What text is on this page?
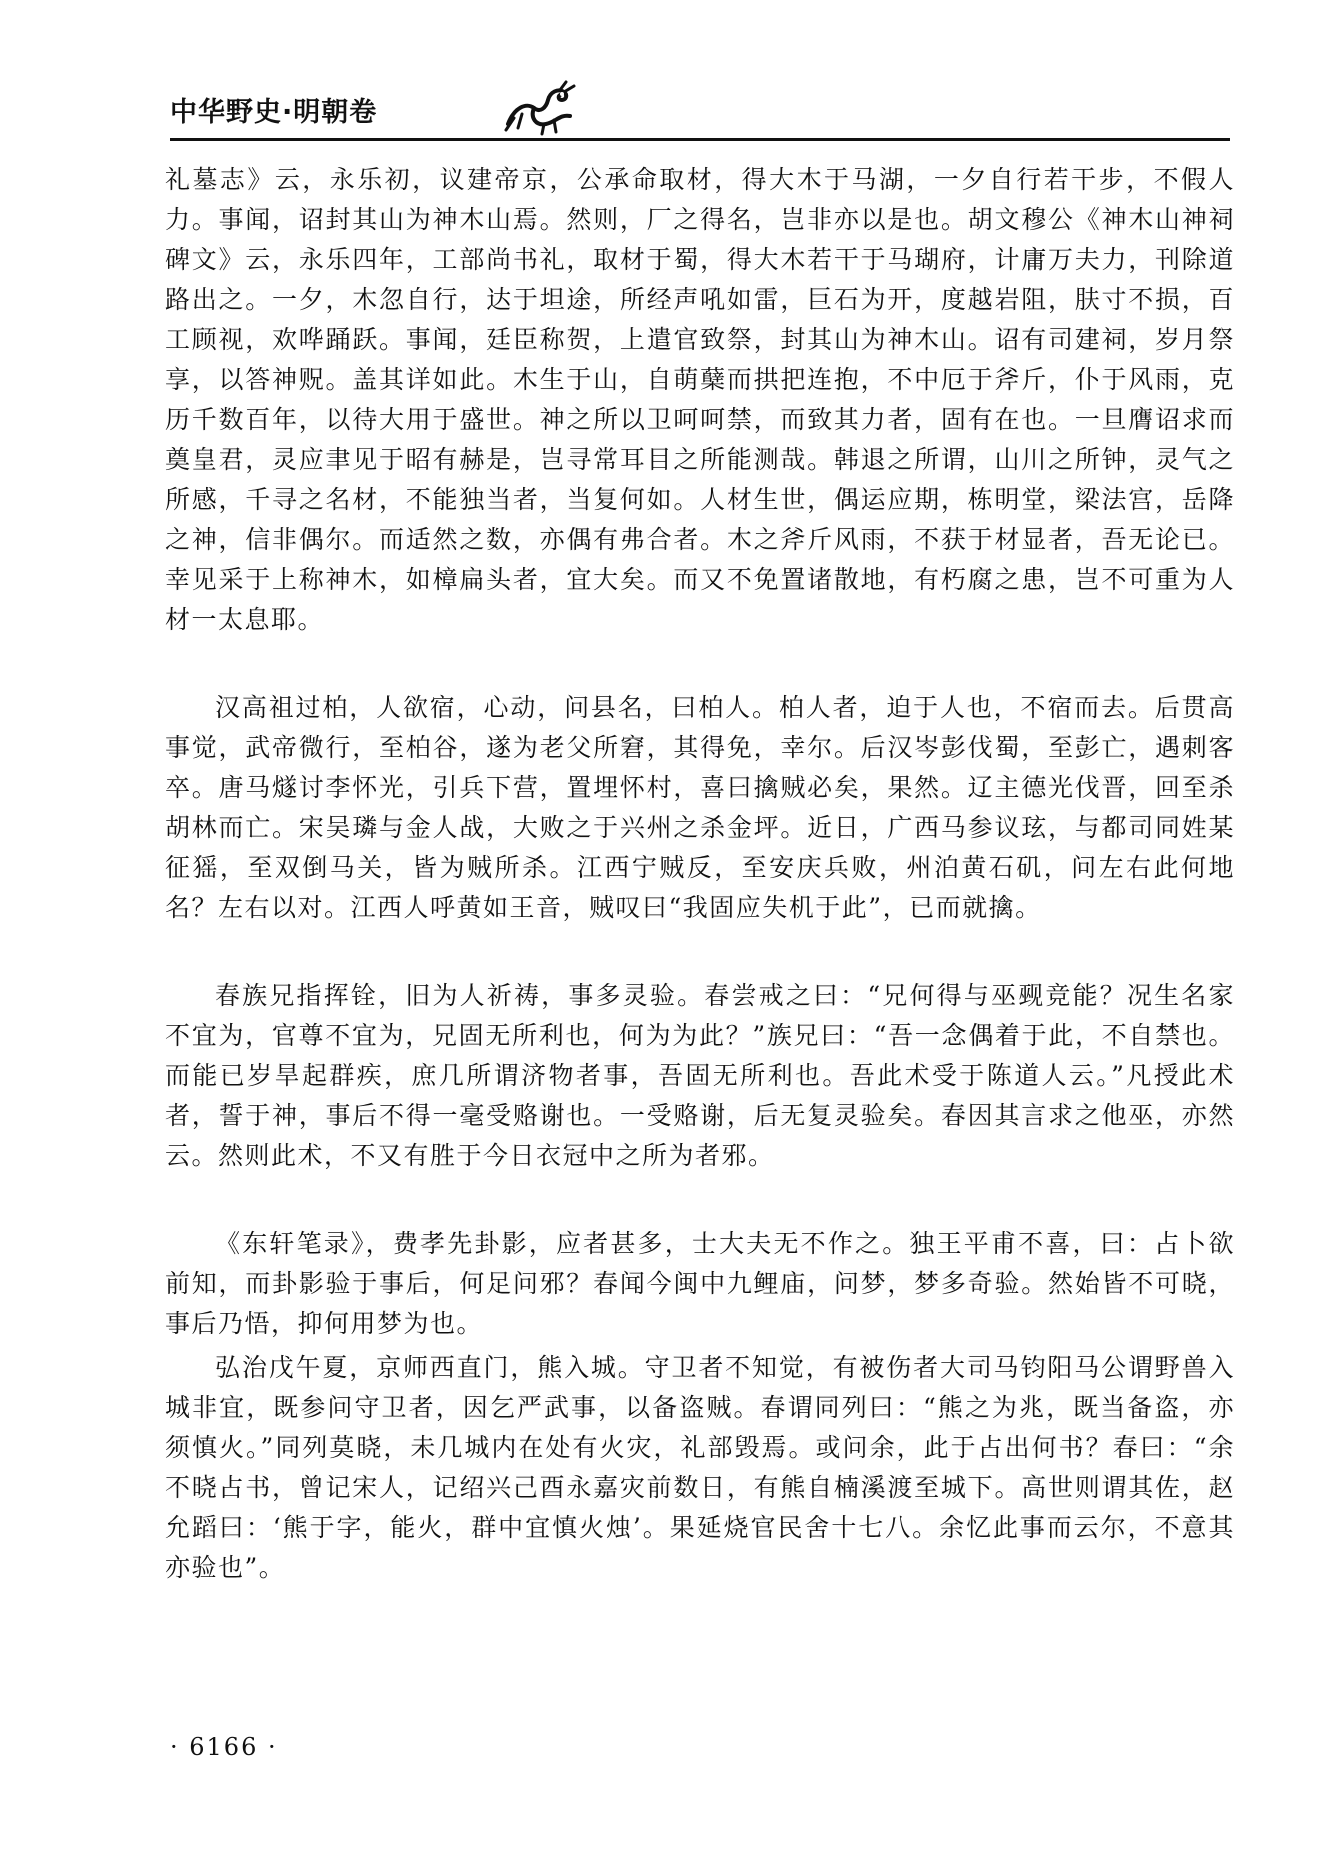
中华野史·明朝卷

礼墓志》云，永乐初，议建帝京，公承命取材，得大木于马湖，一夕自行若干步，不假人力。事闻，诏封其山为神木山焉。然则，厂之得名，岂非亦以是也。胡文穆公《神木山神祠碑文》云，永乐四年，工部尚书礼，取材于蜀，得大木若干于马瑚府，计庸万夫力，刊除道路出之。一夕，木忽自行，达于坦途，所经声吼如雷，巨石为开，度越岩阻，肤寸不损，百工顾视，欢哗踊跃。事闻，廷臣称贺，上遣官致祭，封其山为神木山。诏有司建祠，岁月祭享，以答神贶。盖其详如此。木生于山，自萌蘖而拱把连抱，不中厄于斧斤，仆于风雨，克历千数百年，以待大用于盛世。神之所以卫呵呵禁，而致其力者，固有在也。一旦膺诏求而奠皇君，灵应聿见于昭有赫是，岂寻常耳目之所能测哉。韩退之所谓，山川之所钟，灵气之所感，千寻之名材，不能独当者，当复何如。人材生世，偶运应期，栋明堂，梁法宫，岳降之神，信非偶尔。而适然之数，亦偶有弗合者。木之斧斤风雨，不获于材显者，吾无论已。幸见采于上称神木，如樟扁头者，宜大矣。而又不免置诸散地，有朽腐之患，岂不可重为人材一太息耶。

汉高祖过柏，人欲宿，心动，问县名，曰柏人。柏人者，迫于人也，不宿而去。后贯高事觉，武帝微行，至柏谷，遂为老父所窘，其得免，幸尔。后汉岑彭伐蜀，至彭亡，遇刺客卒。唐马燧讨李怀光，引兵下营，置埋怀村，喜曰擒贼必矣，果然。辽主德光伐晋，回至杀胡林而亡。宋吴璘与金人战，大败之于兴州之杀金坪。近日，广西马参议玹，与都司同姓某征猺，至双倒马关，皆为贼所杀。江西宁贼反，至安庆兵败，州泊黄石矶，问左右此何地名？左右以对。江西人呼黄如王音，贼叹曰“我固应失机于此”，已而就擒。

春族兄指挥铨，旧为人祈祷，事多灵验。春尝戒之曰：“兄何得与巫觋竞能？况生名家不宜为，官尊不宜为，兄固无所利也，何为为此？”族兄曰：“吾一念偶着于此，不自禁也。而能已岁旱起群疾，庶几所谓济物者事，吾固无所利也。吾此术受于陈道人云。”凡授此术者，誓于神，事后不得一毫受赂谢也。一受赂谢，后无复灵验矣。春因其言求之他巫，亦然云。然则此术，不又有胜于今日衣冠中之所为者邪。

《东轩笔录》，费孝先卦影，应者甚多，士大夫无不作之。独王平甫不喜，曰：占卜欲前知，而卦影验于事后，何足问邪？春闻今闽中九鲤庙，问梦，梦多奇验。然始皆不可晓，事后乃悟，抑何用梦为也。

弘治戊午夏，京师西直门，熊入城。守卫者不知觉，有被伤者大司马钧阳马公谓野兽入城非宜，既参问守卫者，因乞严武事，以备盗贼。春谓同列曰：“熊之为兆，既当备盗，亦须慎火。”同列莫晓，未几城内在处有火灾，礼部毁焉。或问余，此于占出何书？春曰：“余不晓占书，曾记宋人，记绍兴己酉永嘉灾前数日，有熊自楠溪渡至城下。高世则谓其佐，赵允蹈曰：‘熊于字，能火，群中宜慎火烛’。果延烧官民舍十七八。余忆此事而云尔，不意其亦验也”。

· 6166 ·
